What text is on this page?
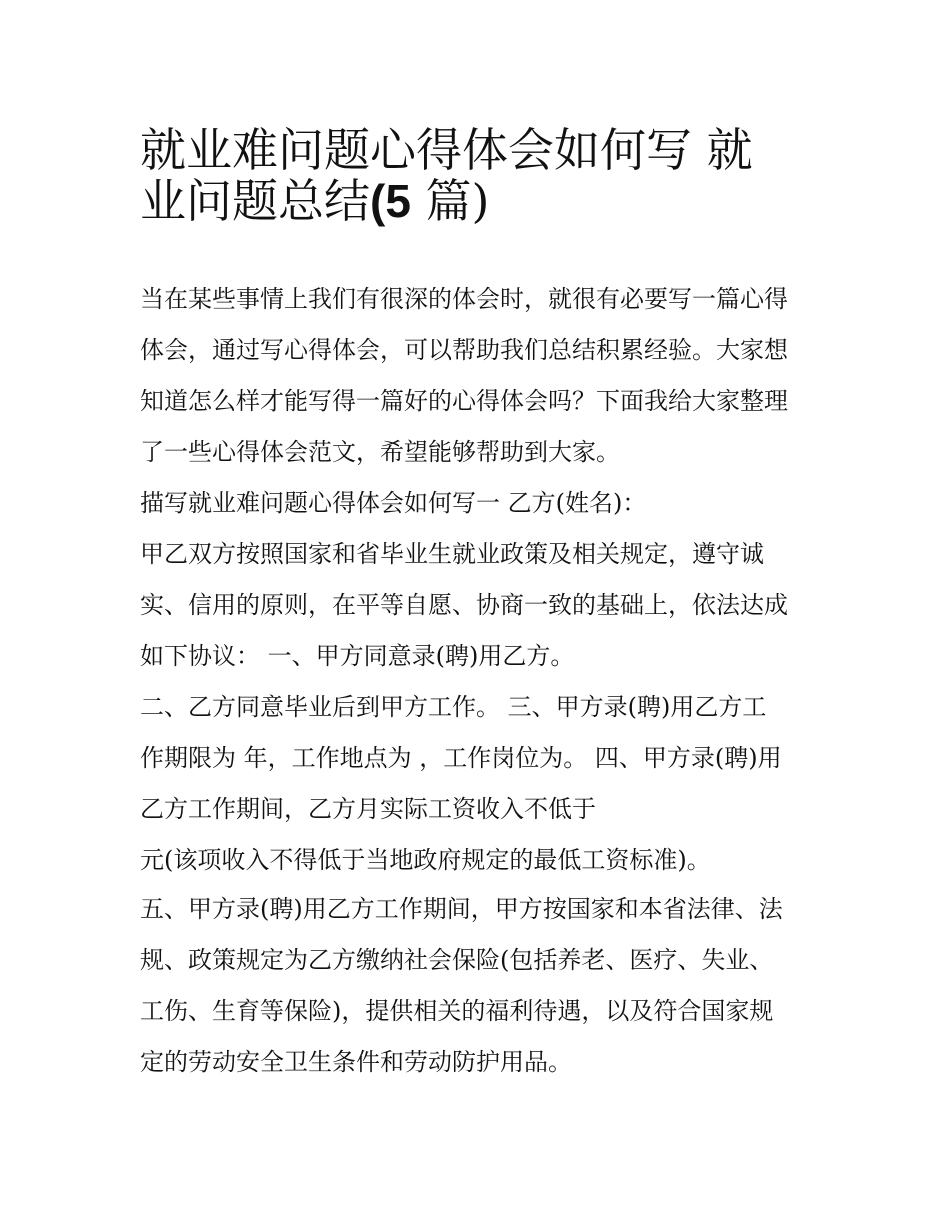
就业难问题心得体会如何写 就
业问题总结(5 篇)

当在某些事情上我们有很深的体会时，就很有必要写一篇心得
体会，通过写心得体会，可以帮助我们总结积累经验。大家想
知道怎么样才能写得一篇好的心得体会吗？下面我给大家整理
了一些心得体会范文，希望能够帮助到大家。

描写就业难问题心得体会如何写一 乙方(姓名)：

甲乙双方按照国家和省毕业生就业政策及相关规定，遵守诚
实、信用的原则，在平等自愿、协商一致的基础上，依法达成
如下协议： 一、甲方同意录(聘)用乙方。

二、乙方同意毕业后到甲方工作。 三、甲方录(聘)用乙方工
作期限为 年，工作地点为 ，工作岗位为。 四、甲方录(聘)用
乙方工作期间，乙方月实际工资收入不低于

元(该项收入不得低于当地政府规定的最低工资标准)。

五、甲方录(聘)用乙方工作期间，甲方按国家和本省法律、法
规、政策规定为乙方缴纳社会保险(包括养老、医疗、失业、
工伤、生育等保险)，提供相关的福利待遇，以及符合国家规
定的劳动安全卫生条件和劳动防护用品。
